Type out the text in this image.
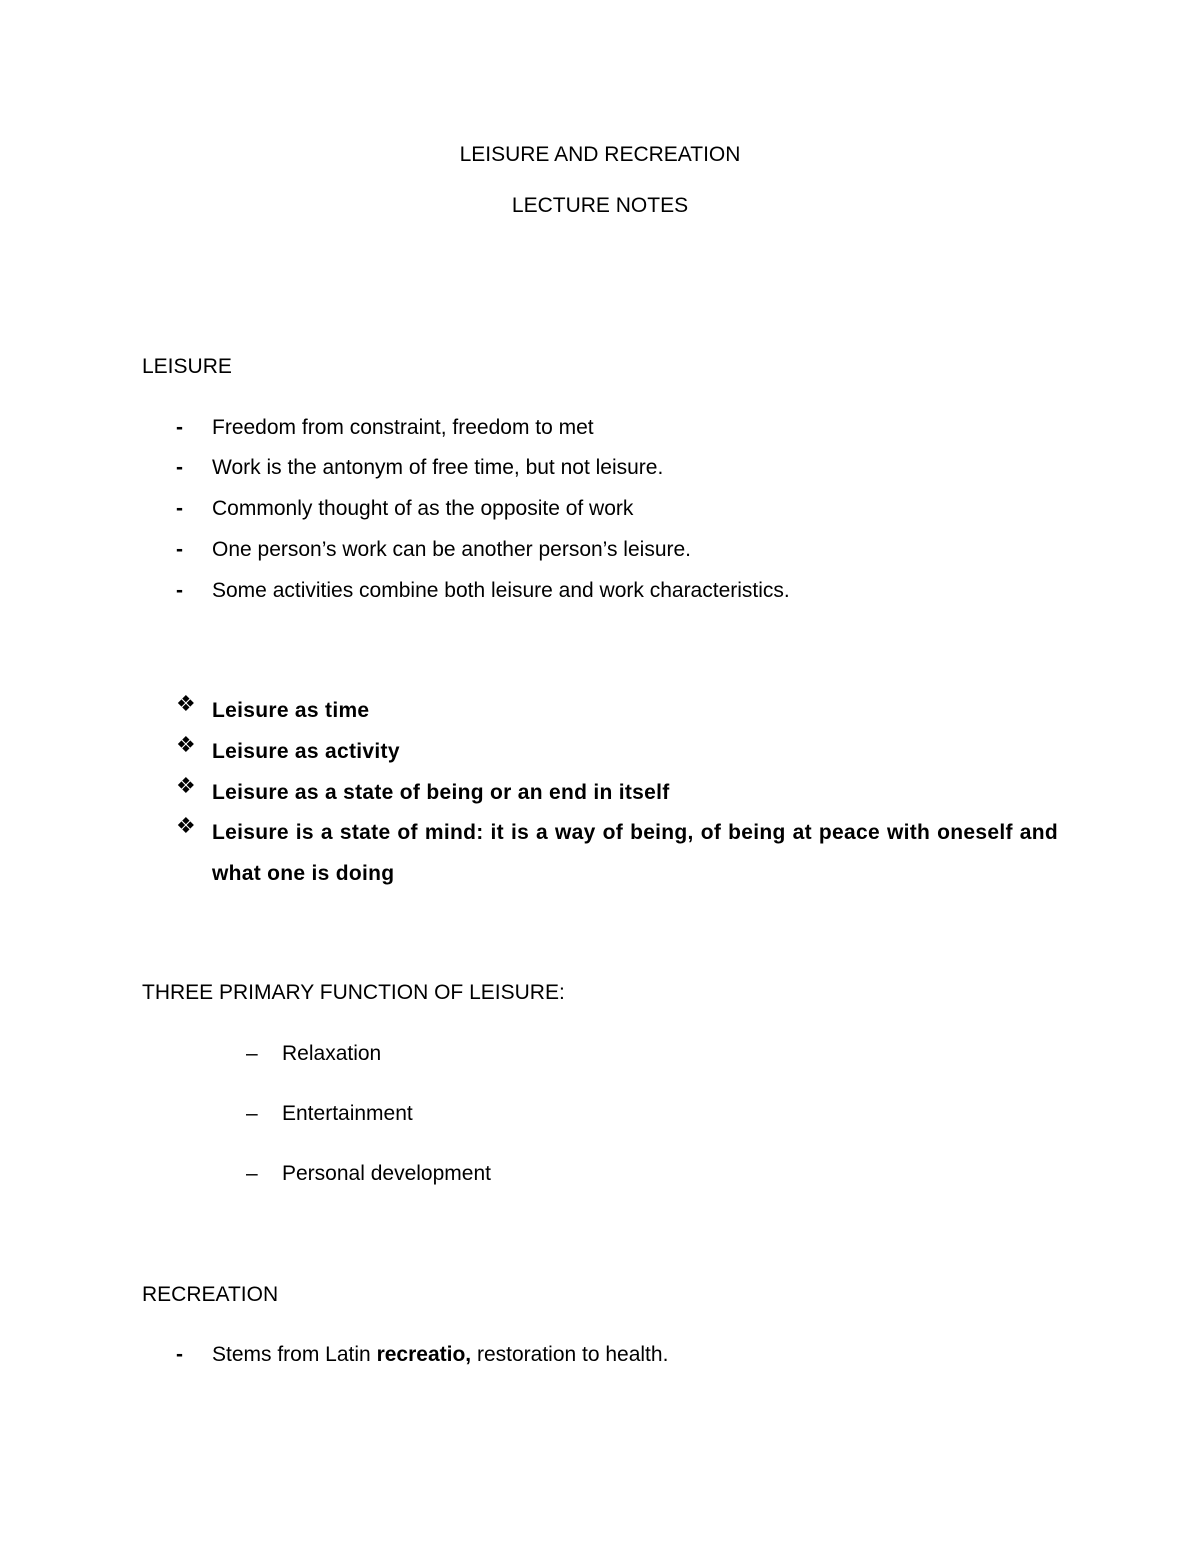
LEISURE AND RECREATION
LECTURE NOTES
LEISURE
- Freedom from constraint, freedom to met
- Work is the antonym of free time, but not leisure.
- Commonly thought of as the opposite of work
- One person’s work can be another person’s leisure.
- Some activities combine both leisure and work characteristics.
❖ Leisure as time
❖ Leisure as activity
❖ Leisure as a state of being or an end in itself
❖ Leisure is a state of mind: it is a way of being, of being at peace with oneself and what one is doing
THREE PRIMARY FUNCTION OF LEISURE:
– Relaxation
– Entertainment
– Personal development
RECREATION
- Stems from Latin recreatio, restoration to health.
